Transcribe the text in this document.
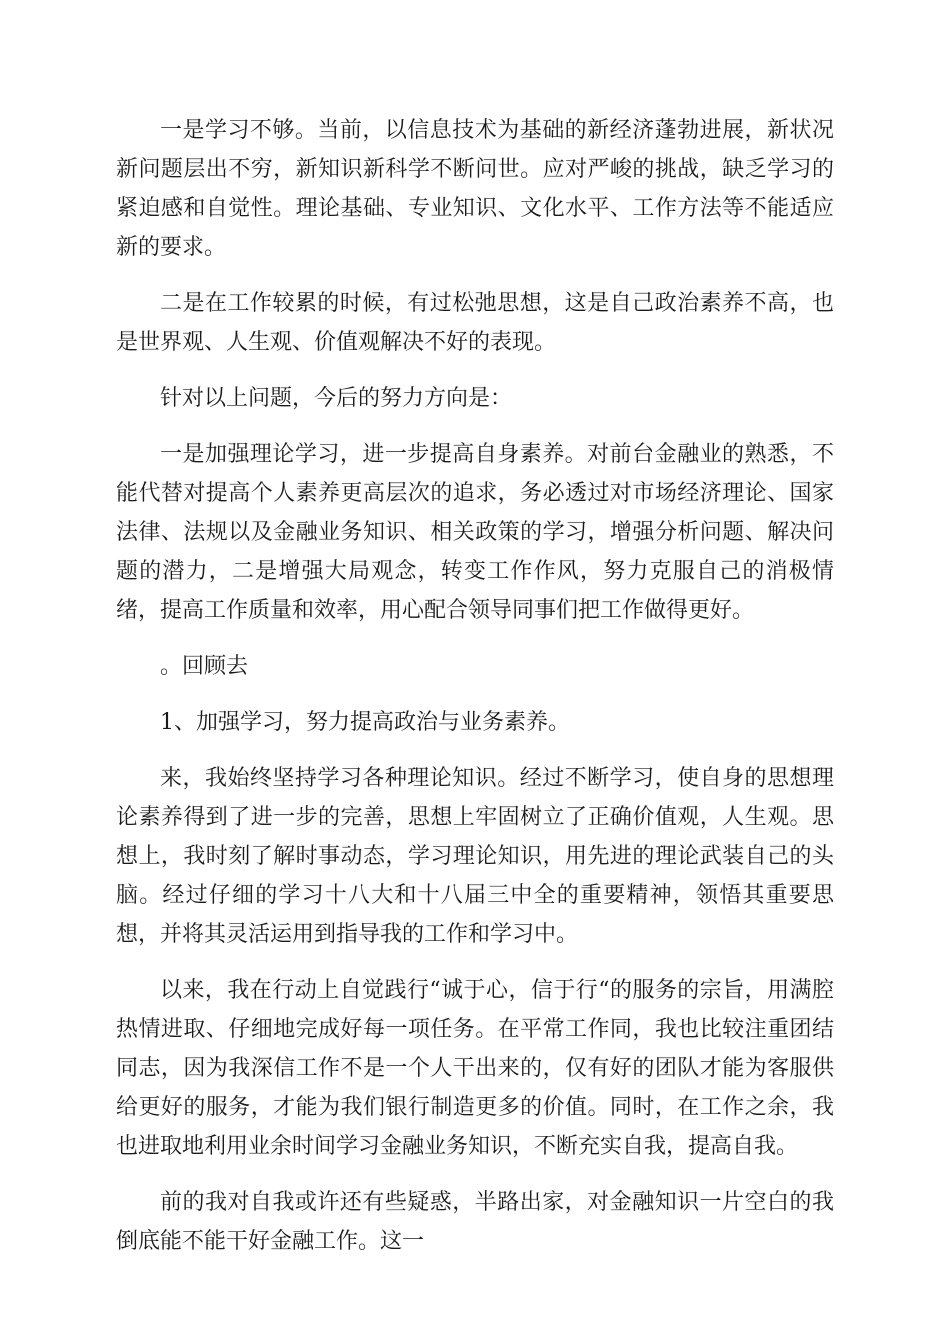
一是学习不够。当前，以信息技术为基础的新经济蓬勃进展，新状况新问题层出不穷，新知识新科学不断问世。应对严峻的挑战，缺乏学习的紧迫感和自觉性。理论基础、专业知识、文化水平、工作方法等不能适应新的要求。

二是在工作较累的时候，有过松弛思想，这是自己政治素养不高，也是世界观、人生观、价值观解决不好的表现。

针对以上问题，今后的努力方向是：

一是加强理论学习，进一步提高自身素养。对前台金融业的熟悉，不能代替对提高个人素养更高层次的追求，务必透过对市场经济理论、国家法律、法规以及金融业务知识、相关政策的学习，增强分析问题、解决问题的潜力，二是增强大局观念，转变工作作风，努力克服自己的消极情绪，提高工作质量和效率，用心配合领导同事们把工作做得更好。

。回顾去

1、加强学习，努力提高政治与业务素养。

来，我始终坚持学习各种理论知识。经过不断学习，使自身的思想理论素养得到了进一步的完善，思想上牢固树立了正确价值观，人生观。思想上，我时刻了解时事动态，学习理论知识，用先进的理论武装自己的头脑。经过仔细的学习十八大和十八届三中全的重要精神，领悟其重要思想，并将其灵活运用到指导我的工作和学习中。

以来，我在行动上自觉践行“诚于心，信于行“的服务的宗旨，用满腔热情进取、仔细地完成好每一项任务。在平常工作同，我也比较注重团结同志，因为我深信工作不是一个人干出来的，仅有好的团队才能为客服供给更好的服务，才能为我们银行制造更多的价值。同时，在工作之余，我也进取地利用业余时间学习金融业务知识，不断充实自我，提高自我。

前的我对自我或许还有些疑惑，半路出家，对金融知识一片空白的我倒底能不能干好金融工作。这一
